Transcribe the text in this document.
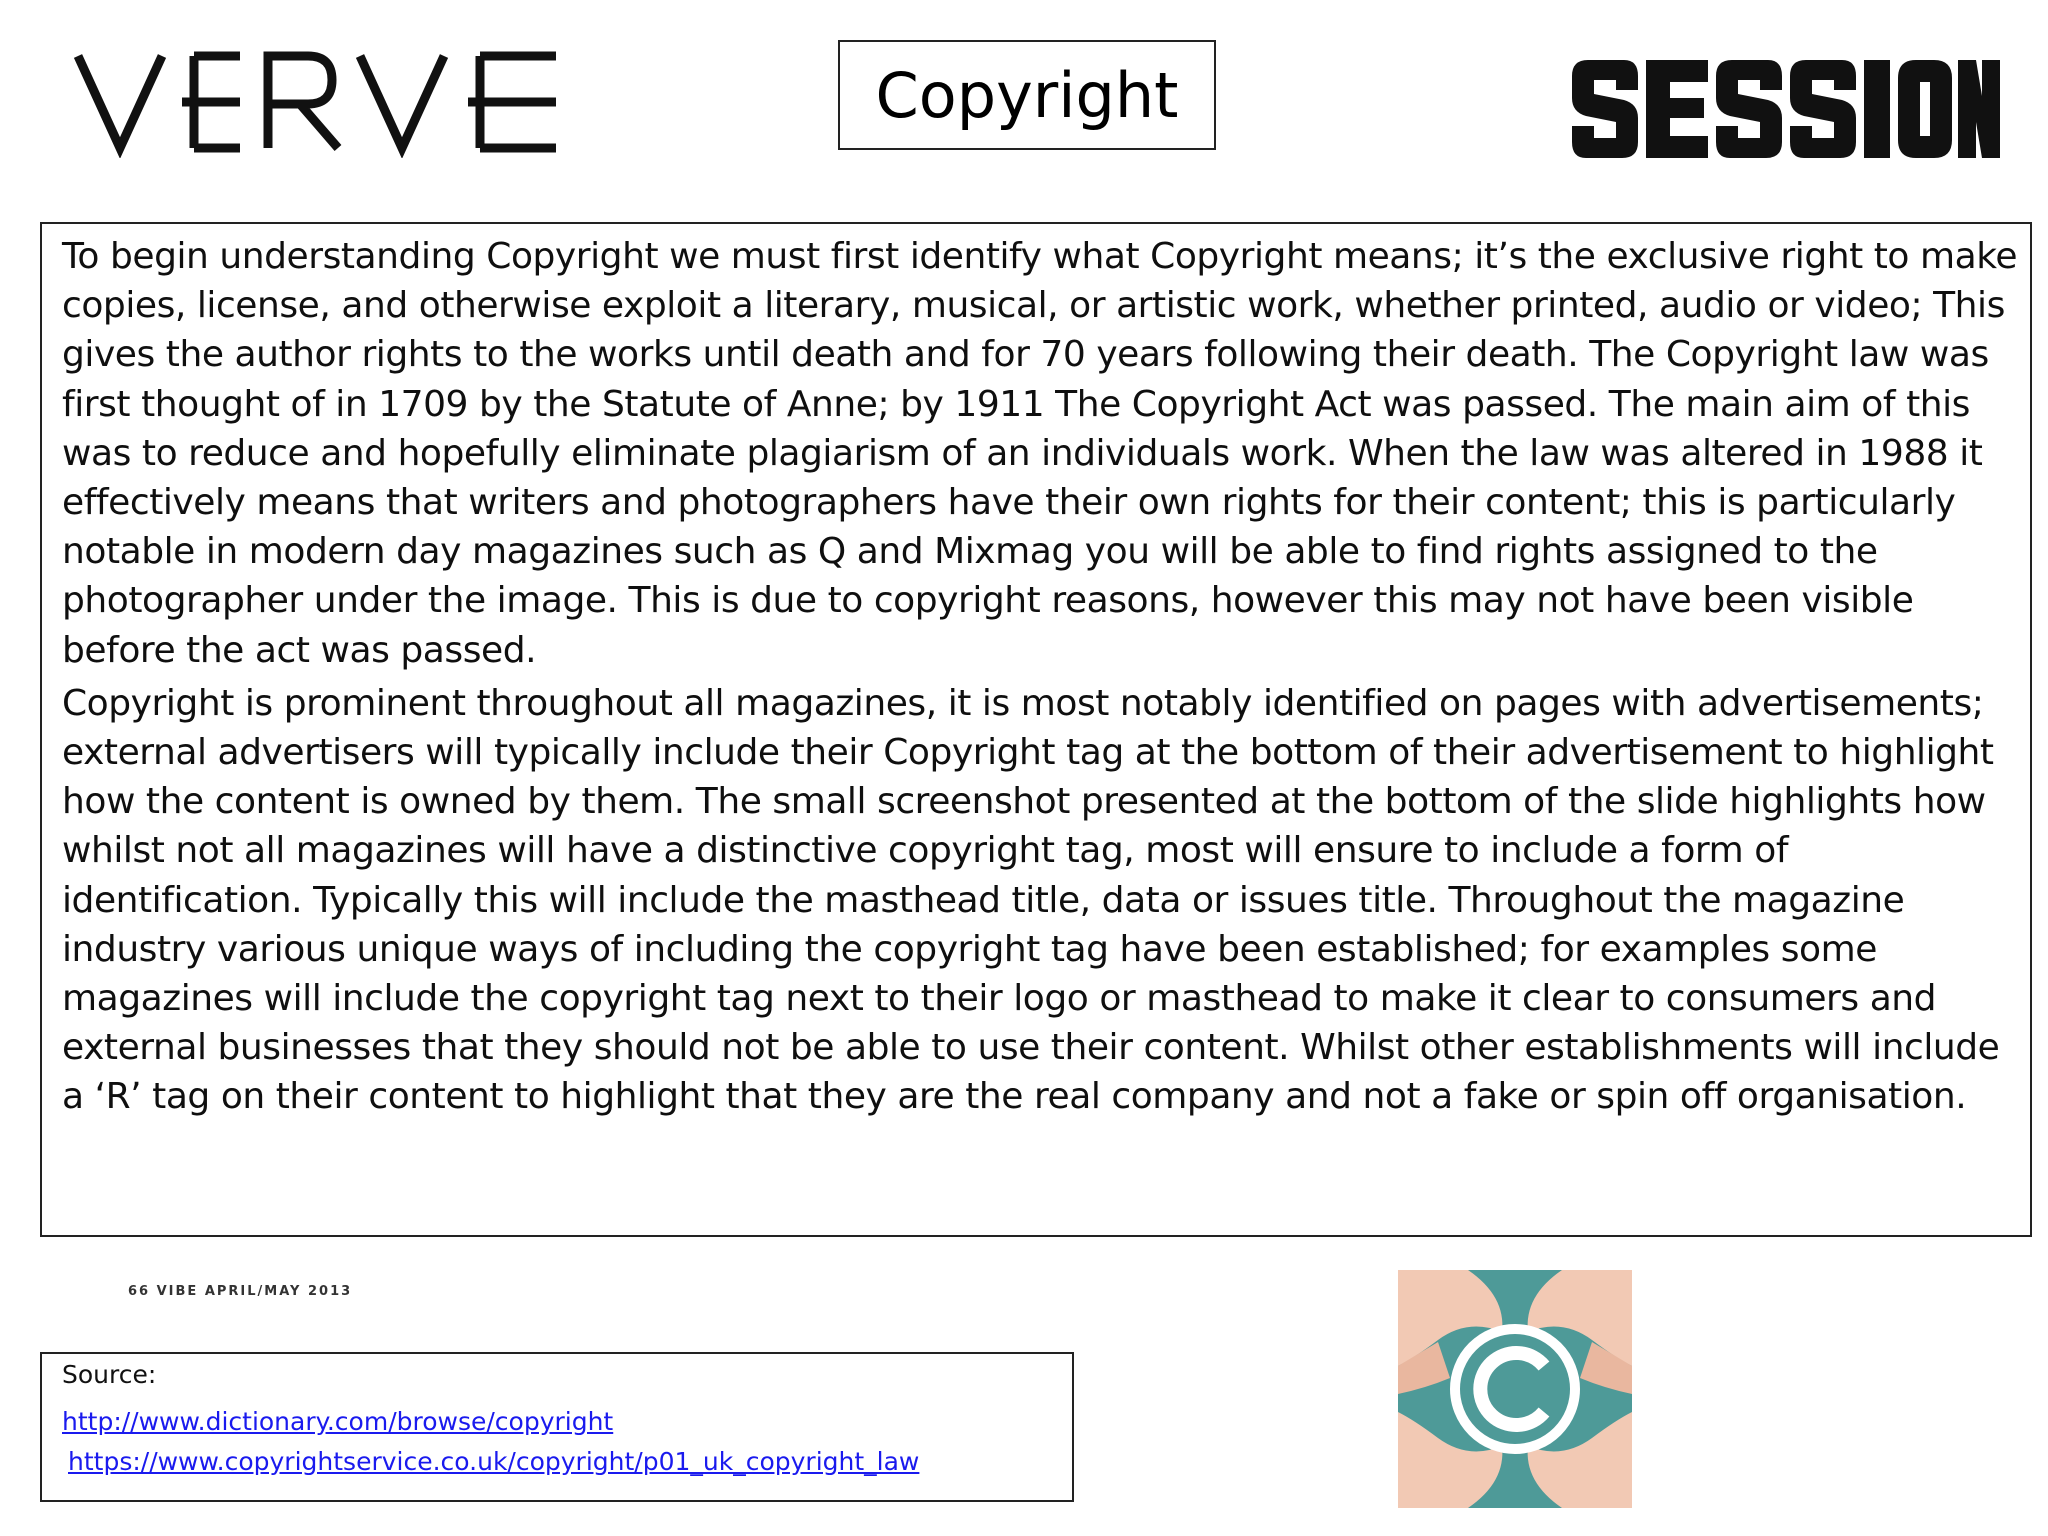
Copyright

To begin understanding Copyright we must first identify what Copyright means; it’s the exclusive right to make copies, license, and otherwise exploit a literary, musical, or artistic work, whether printed, audio or video; This gives the author rights to the works until death and for 70 years following their death. The Copyright law was first thought of in 1709 by the Statute of Anne; by 1911 The Copyright Act was passed. The main aim of this was to reduce and hopefully eliminate plagiarism of an individuals work. When the law was altered in 1988 it effectively means that writers and photographers have their own rights for their content; this is particularly notable in modern day magazines such as Q and Mixmag you will be able to find rights assigned to the photographer under the image. This is due to copyright reasons, however this may not have been visible before the act was passed.

Copyright is prominent throughout all magazines, it is most notably identified on pages with advertisements; external advertisers will typically include their Copyright tag at the bottom of their advertisement to highlight how the content is owned by them. The small screenshot presented at the bottom of the slide highlights how whilst not all magazines will have a distinctive copyright tag, most will ensure to include a form of identification. Typically this will include the masthead title, data or issues title. Throughout the magazine industry various unique ways of including the copyright tag have been established; for examples some magazines will include the copyright tag next to their logo or masthead to make it clear to consumers and external businesses that they should not be able to use their content. Whilst other establishments will include a ‘R’ tag on their content to highlight that they are the real company and not a fake or spin off organisation.

66 VIBE APRIL/MAY 2013
Source:
http://www.dictionary.com/browse/copyright
https://www.copyrightservice.co.uk/copyright/p01_uk_copyright_law
